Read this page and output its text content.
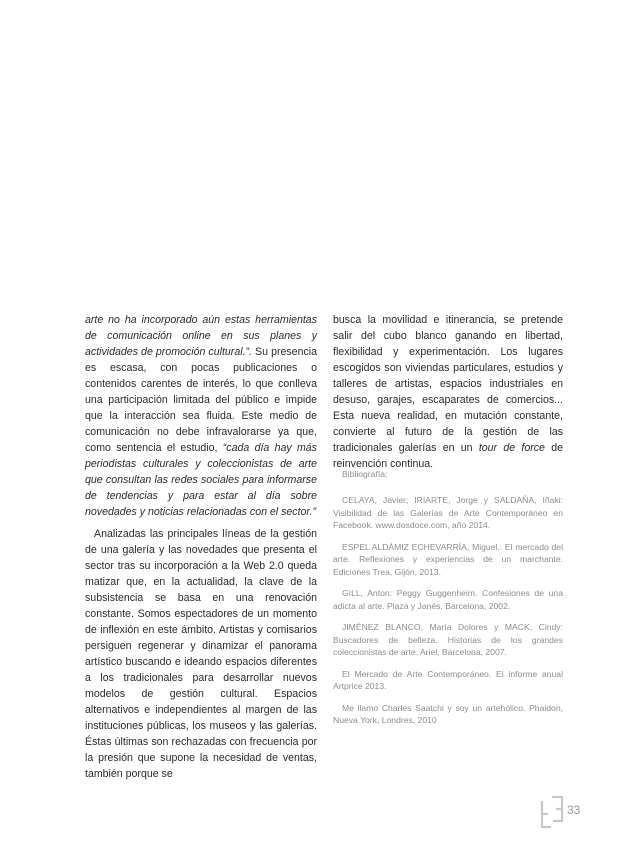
arte no ha incorporado aún estas herramientas de comunicación online en sus planes y actividades de promoción cultural.”. Su presencia es escasa, con pocas publicaciones o contenidos carentes de interés, lo que conlleva una participación limitada del público e impide que la interacción sea fluida. Este medio de comunicación no debe infravalorarse ya que, como sentencia el estudio, “cada día hay más periodistas culturales y coleccionistas de arte que consultan las redes sociales para informarse de tendencias y para estar al día sobre novedades y noticias relacionadas con el sector.”

Analizadas las principales líneas de la gestión de una galería y las novedades que presenta el sector tras su incorporación a la Web 2.0 queda matizar que, en la actualidad, la clave de la subsistencia se basa en una renovación constante. Somos espectadores de un momento de inflexión en este ámbito. Artistas y comisarios persiguen regenerar y dinamizar el panorama artístico buscando e ideando espacios diferentes a los tradicionales para desarrollar nuevos modelos de gestión cultural. Espacios alternativos e independientes al margen de las instituciones públicas, los museos y las galerías. Éstas últimas son rechazadas con frecuencia por la presión que supone la necesidad de ventas, también porque se

busca la movilidad e itinerancia, se pretende salir del cubo blanco ganando en libertad, flexibilidad y experimentación. Los lugares escogidos son viviendas particulares, estudios y talleres de artistas, espacios industriales en desuso, garajes, escaparates de comercios... Esta nueva realidad, en mutación constante, convierte al futuro de la gestión de las tradicionales galerías en un tour de force de reinvención continua.

Bibliografía:

CELAYA, Javier; IRIARTE, Jorge y SALDAÑA, Iñaki: Visibilidad de las Galerías de Arte Contemporáneo en Facebook. www.dosdoce.com, año 2014.

ESPEL ALDÁMIZ ECHEVARRÍA, Miguel.: El mercado del arte. Reflexiones y experiencias de un marchante. Ediciones Trea, Gijón, 2013.

GILL, Anton: Peggy Guggenheim. Confesiones de una adicta al arte. Plaza y Janés, Barcelona, 2002.

JIMÉNEZ BLANCO, María Dolores y MACK, Cindy: Buscadores de belleza. Historias de los grandes coleccionistas de arte. Ariel, Barcelona, 2007.

El Mercado de Arte Contemporáneo. El informe anual Artprice 2013.

Me llamo Charles Saatchi y soy un artehólico. Phaidon, Nueva York, Londres, 2010

33
